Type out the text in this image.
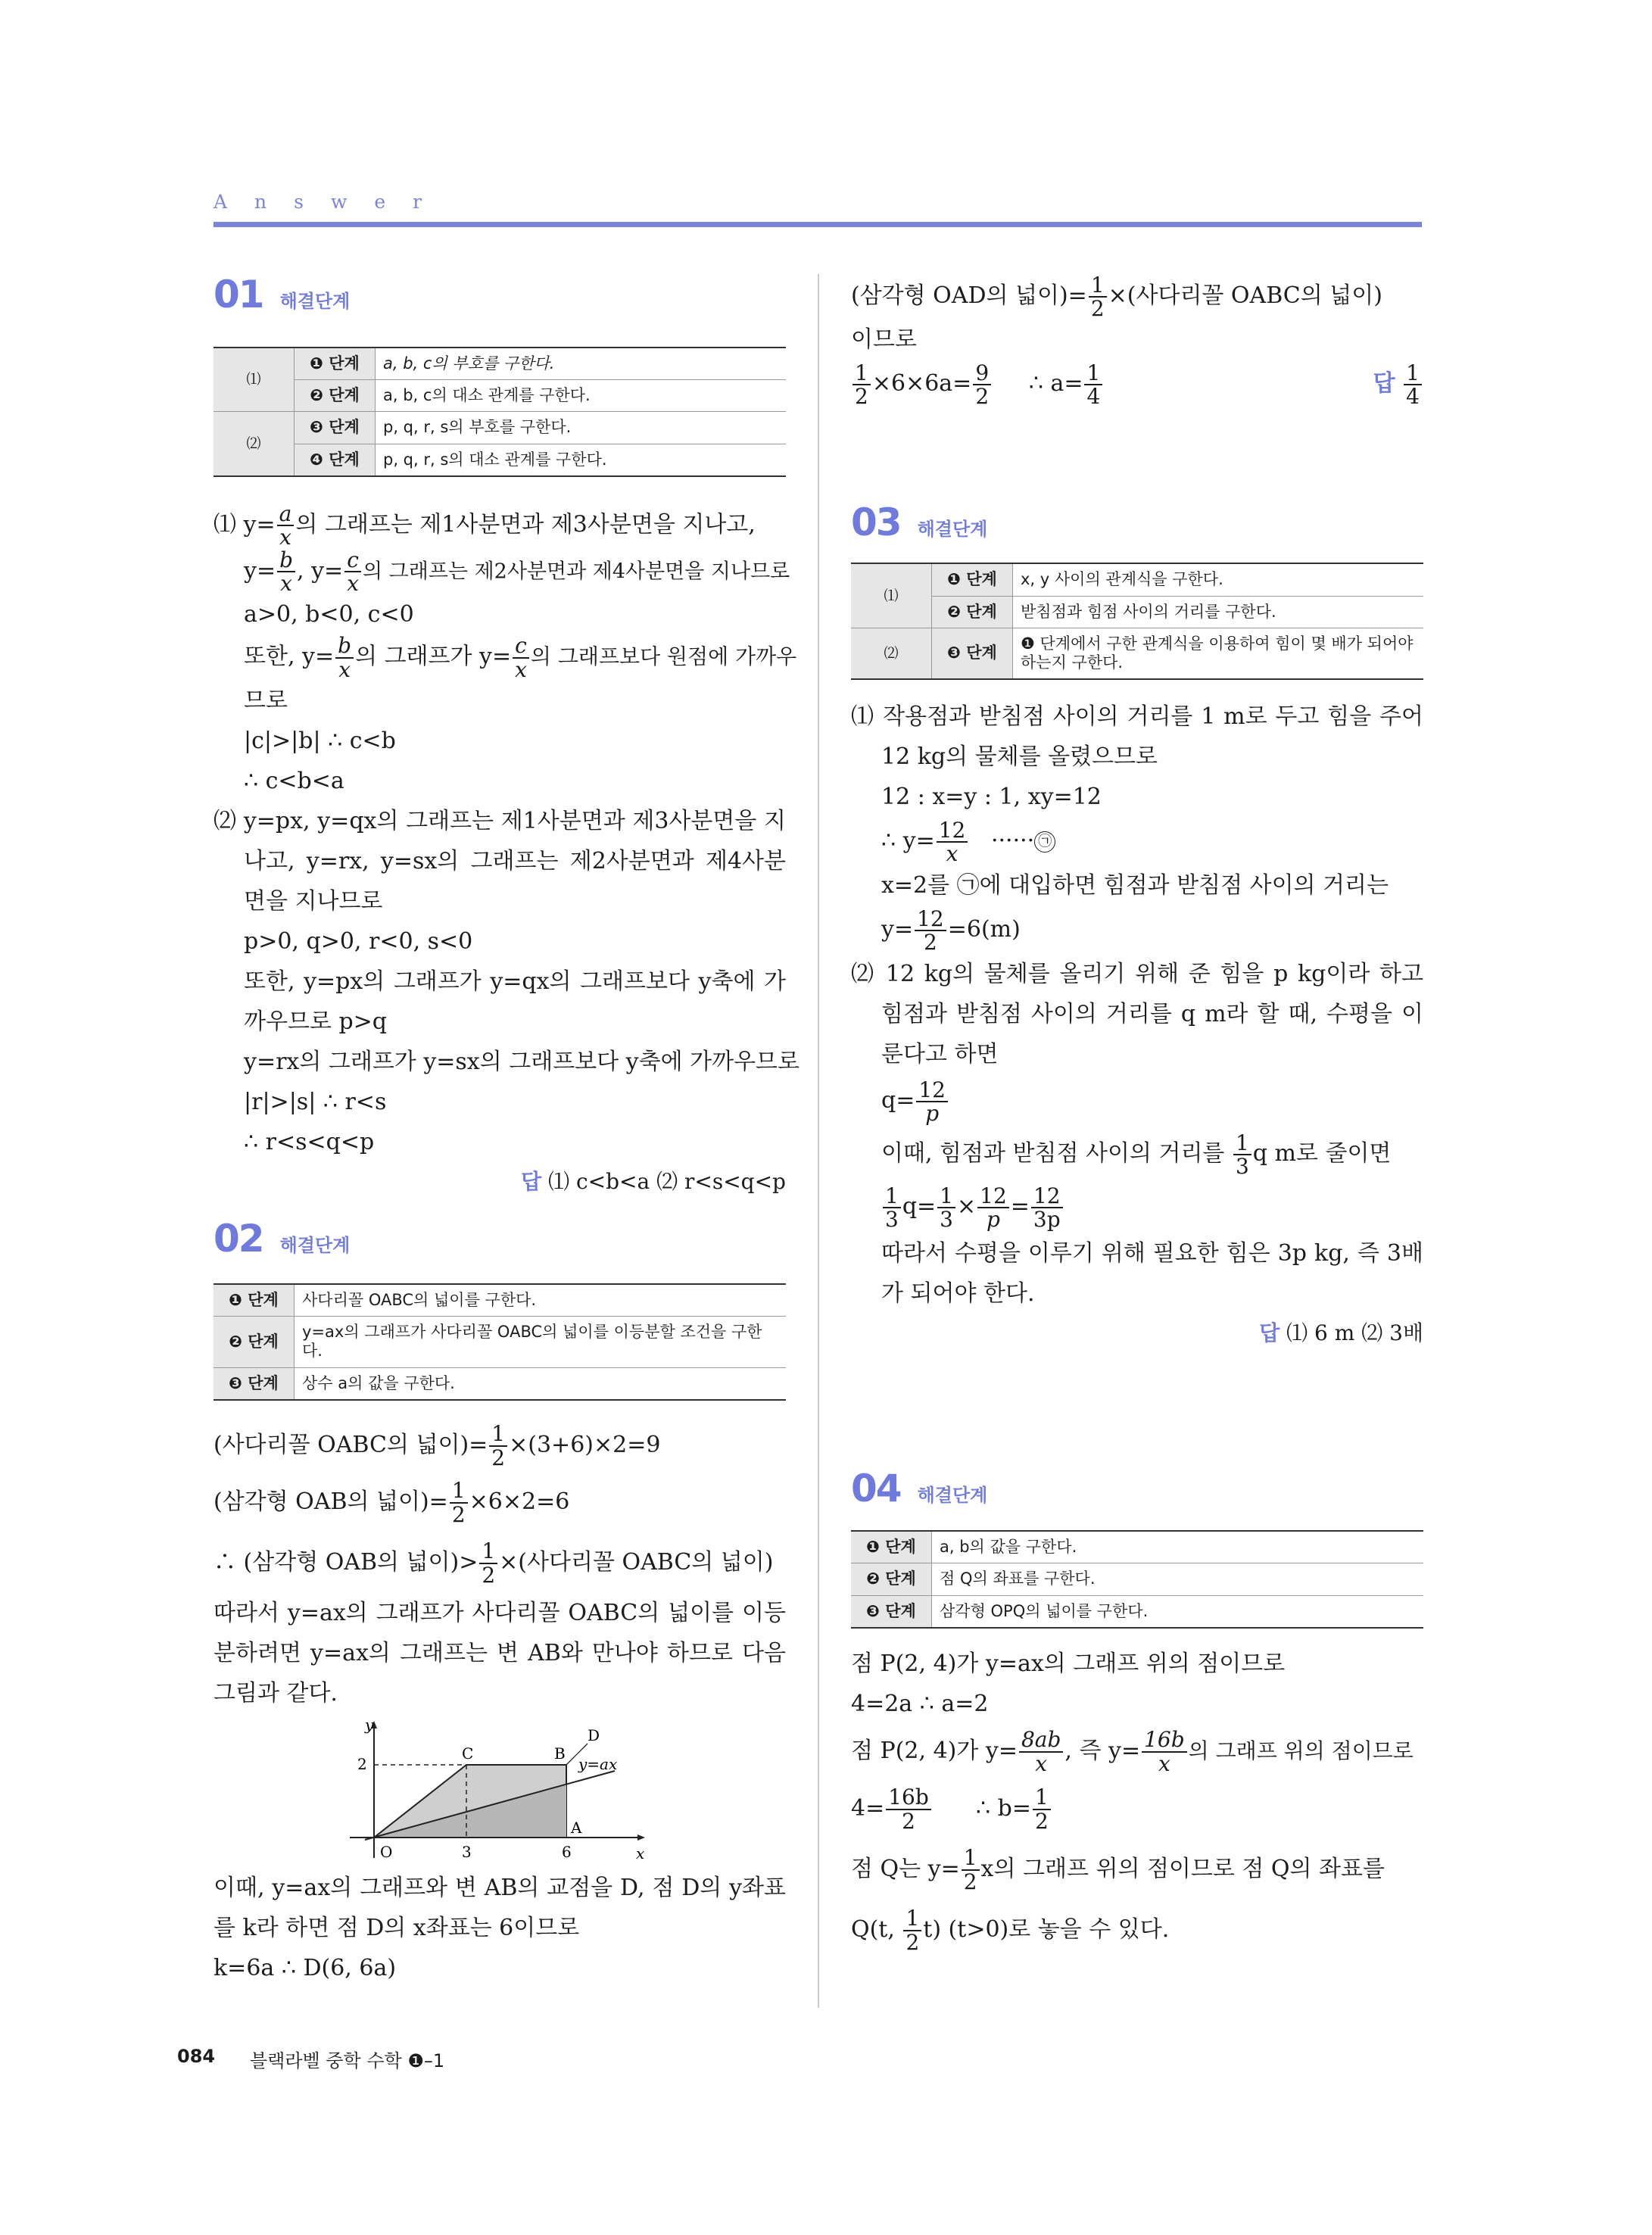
Answer
01 해결단계
⑴	❶ 단계	a, b, c의 부호를 구한다.
	❷ 단계	a, b, c의 대소 관계를 구한다.
⑵	❸ 단계	p, q, r, s의 부호를 구한다.
	❹ 단계	p, q, r, s의 대소 관계를 구한다.

⑴ $y= \frac{a}{x}$ 의 그래프는 제1사분면과 제3사분면을 지나고,

$y= \frac{b}{x}$ , $y= \frac{c}{x}$ 의 그래프는 제2사분면과 제4사분면을 지나므로

a>0, b<0, c<0

또한, $y= \frac{b}{x}$ 의 그래프가 $y= \frac{c}{x}$ 의 그래프보다 원점에 가까우

므로

|c|>|b| ∴ c<b

∴ c<b<a

⑵ y=px, y=qx의 그래프는 제1사분면과 제3사분면을 지나고, y=rx, y=sx의 그래프는 제2사분면과 제4사분면을 지나므로

p>0, q>0, r<0, s<0

또한, y=px의 그래프가 y=qx의 그래프보다 y축에 가까우므로 p>q

y=rx의 그래프가 y=sx의 그래프보다 y축에 가까우므로

|r|>|s| ∴ r<s

∴ r<s<q<p

답 ⑴ c<b<a ⑵ r<s<q<p

02 해결단계
❶ 단계	사다리꼴 OABC의 넓이를 구한다.
❷ 단계	y=ax의 그래프가 사다리꼴 OABC의 넓이를 이등분할 조건을 구한다.
❸ 단계	상수 a의 값을 구한다.

(사다리꼴 OABC의 넓이)= $\frac{1}{2} \times(3+6)\times 2=9$

(삼각형 OAB의 넓이)= $\frac{1}{2} \times 6\times 2=6$

∴ (삼각형 OAB의 넓이)> $\frac{1}{2}$ ×(사다리꼴 OABC의 넓이)

따라서 y=ax의 그래프가 사다리꼴 OABC의 넓이를 이등분하려면 y=ax의 그래프는 변 AB와 만나야 하므로 다음 그림과 같다.

y
x
O
2
3	6
C	B
A
D
y=ax

이때, y=ax의 그래프와 변 AB의 교점을 D, 점 D의 y좌표를 k라 하면 점 D의 x좌표는 6이므로

k=6a ∴ D(6, 6a)

(삼각형 OAD의 넓이)= $\frac{1}{2}$ ×(사다리꼴 OABC의 넓이)

이므로

$\frac{1}{2} \times 6\times 6a= \frac{9}{2}$ ∴ $a= \frac{1}{4}$	답 $\frac{1}{4}$

03 해결단계
⑴	❶ 단계	x, y 사이의 관계식을 구한다.
	❷ 단계	받침점과 힘점 사이의 거리를 구한다.
⑵	❸ 단계	❶ 단계에서 구한 관계식을 이용하여 힘이 몇 배가 되어야 하는지 구한다.

⑴ 작용점과 받침점 사이의 거리를 1 m로 두고 힘을 주어 12 kg의 물체를 올렸으므로

12 : x=y : 1, xy=12

∴ $y= \frac{12}{x}$ ······ ㉠

x=2를 ㉠에 대입하면 힘점과 받침점 사이의 거리는

$y= \frac{12}{2} =6(m)$

⑵ 12 kg의 물체를 올리기 위해 준 힘을 p kg이라 하고 힘점과 받침점 사이의 거리를 q m라 할 때, 수평을 이룬다고 하면

$q= \frac{12}{p}$

이때, 힘점과 받침점 사이의 거리를 $\frac{1}{3}$ q m로 줄이면

$\frac{1}{3} q= \frac{1}{3} \times \frac{12}{p} = \frac{12}{3p}$

따라서 수평을 이루기 위해 필요한 힘은 3p kg, 즉 3배가 되어야 한다.

답 ⑴ 6 m ⑵ 3배

04 해결단계
❶ 단계	a, b의 값을 구한다.
❷ 단계	점 Q의 좌표를 구한다.
❸ 단계	삼각형 OPQ의 넓이를 구한다.

점 P(2, 4)가 y=ax의 그래프 위의 점이므로

4=2a ∴ a=2

점 P(2, 4)가 $y= \frac{8ab}{x}$ , 즉 $y= \frac{16b}{x}$ 의 그래프 위의 점이므로

$4= \frac{16b}{2}$ ∴ $b= \frac{1}{2}$

점 Q는 $y= \frac{1}{2}$ x의 그래프 위의 점이므로 점 Q의 좌표를

Q(t, $\frac{1}{2} t$) (t>0)로 놓을 수 있다.

084 블랙라벨 중학 수학 ❶–1
